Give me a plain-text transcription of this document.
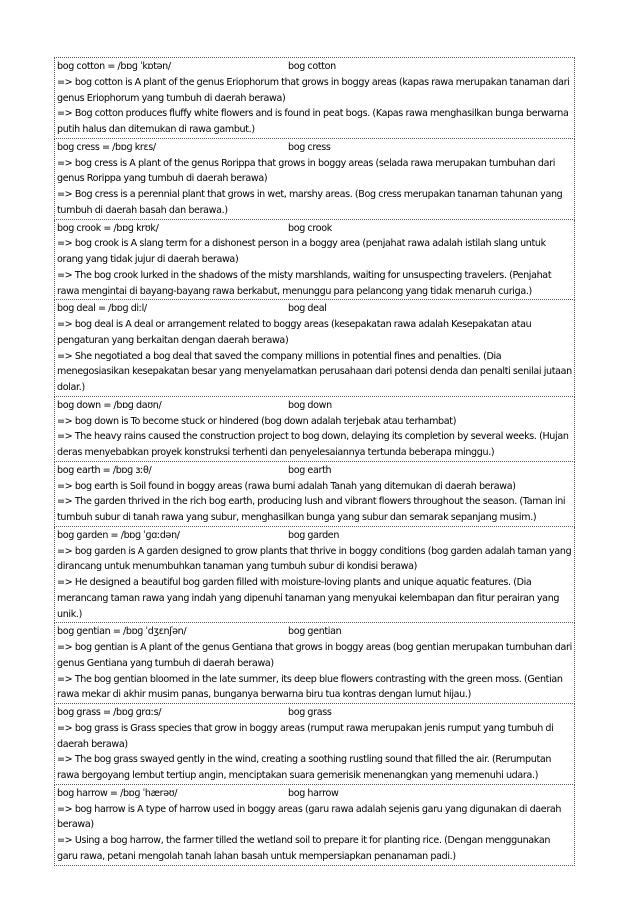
bog cotton = /bɒɡ ˈkɒtən/	bog cotton
=> bog cotton is A plant of the genus Eriophorum that grows in boggy areas (kapas rawa merupakan tanaman dari genus Eriophorum yang tumbuh di daerah berawa)
=> Bog cotton produces fluffy white flowers and is found in peat bogs. (Kapas rawa menghasilkan bunga berwarna putih halus dan ditemukan di rawa gambut.)
bog cress = /bɒɡ krɛs/	bog cress
=> bog cress is A plant of the genus Rorippa that grows in boggy areas (selada rawa merupakan tumbuhan dari genus Rorippa yang tumbuh di daerah berawa)
=> Bog cress is a perennial plant that grows in wet, marshy areas. (Bog cress merupakan tanaman tahunan yang tumbuh di daerah basah dan berawa.)
bog crook = /bɒɡ krʊk/	bog crook
=> bog crook is A slang term for a dishonest person in a boggy area (penjahat rawa adalah istilah slang untuk orang yang tidak jujur di daerah berawa)
=> The bog crook lurked in the shadows of the misty marshlands, waiting for unsuspecting travelers. (Penjahat rawa mengintai di bayang-bayang rawa berkabut, menunggu para pelancong yang tidak menaruh curiga.)
bog deal = /bɒɡ diːl/	bog deal
=> bog deal is A deal or arrangement related to boggy areas (kesepakatan rawa adalah Kesepakatan atau pengaturan yang berkaitan dengan daerah berawa)
=> She negotiated a bog deal that saved the company millions in potential fines and penalties. (Dia menegosiasikan kesepakatan besar yang menyelamatkan perusahaan dari potensi denda dan penalti senilai jutaan dolar.)
bog down = /bɒɡ daʊn/	bog down
=> bog down is To become stuck or hindered (bog down adalah terjebak atau terhambat)
=> The heavy rains caused the construction project to bog down, delaying its completion by several weeks. (Hujan deras menyebabkan proyek konstruksi terhenti dan penyelesaiannya tertunda beberapa minggu.)
bog earth = /bɒɡ ɜːθ/	bog earth
=> bog earth is Soil found in boggy areas (rawa bumi adalah Tanah yang ditemukan di daerah berawa)
=> The garden thrived in the rich bog earth, producing lush and vibrant flowers throughout the season. (Taman ini tumbuh subur di tanah rawa yang subur, menghasilkan bunga yang subur dan semarak sepanjang musim.)
bog garden = /bɒɡ ˈɡɑːdən/	bog garden
=> bog garden is A garden designed to grow plants that thrive in boggy conditions (bog garden adalah taman yang dirancang untuk menumbuhkan tanaman yang tumbuh subur di kondisi berawa)
=> He designed a beautiful bog garden filled with moisture-loving plants and unique aquatic features. (Dia merancang taman rawa yang indah yang dipenuhi tanaman yang menyukai kelembapan dan fitur perairan yang unik.)
bog gentian = /bɒɡ ˈdʒɛnʃən/	bog gentian
=> bog gentian is A plant of the genus Gentiana that grows in boggy areas (bog gentian merupakan tumbuhan dari genus Gentiana yang tumbuh di daerah berawa)
=> The bog gentian bloomed in the late summer, its deep blue flowers contrasting with the green moss. (Gentian rawa mekar di akhir musim panas, bunganya berwarna biru tua kontras dengan lumut hijau.)
bog grass = /bɒɡ ɡrɑːs/	bog grass
=> bog grass is Grass species that grow in boggy areas (rumput rawa merupakan jenis rumput yang tumbuh di daerah berawa)
=> The bog grass swayed gently in the wind, creating a soothing rustling sound that filled the air. (Rerumputan rawa bergoyang lembut tertiup angin, menciptakan suara gemerisik menenangkan yang memenuhi udara.)
bog harrow = /bɒɡ ˈhærəʊ/	bog harrow
=> bog harrow is A type of harrow used in boggy areas (garu rawa adalah sejenis garu yang digunakan di daerah berawa)
=> Using a bog harrow, the farmer tilled the wetland soil to prepare it for planting rice. (Dengan menggunakan garu rawa, petani mengolah tanah lahan basah untuk mempersiapkan penanaman padi.)
